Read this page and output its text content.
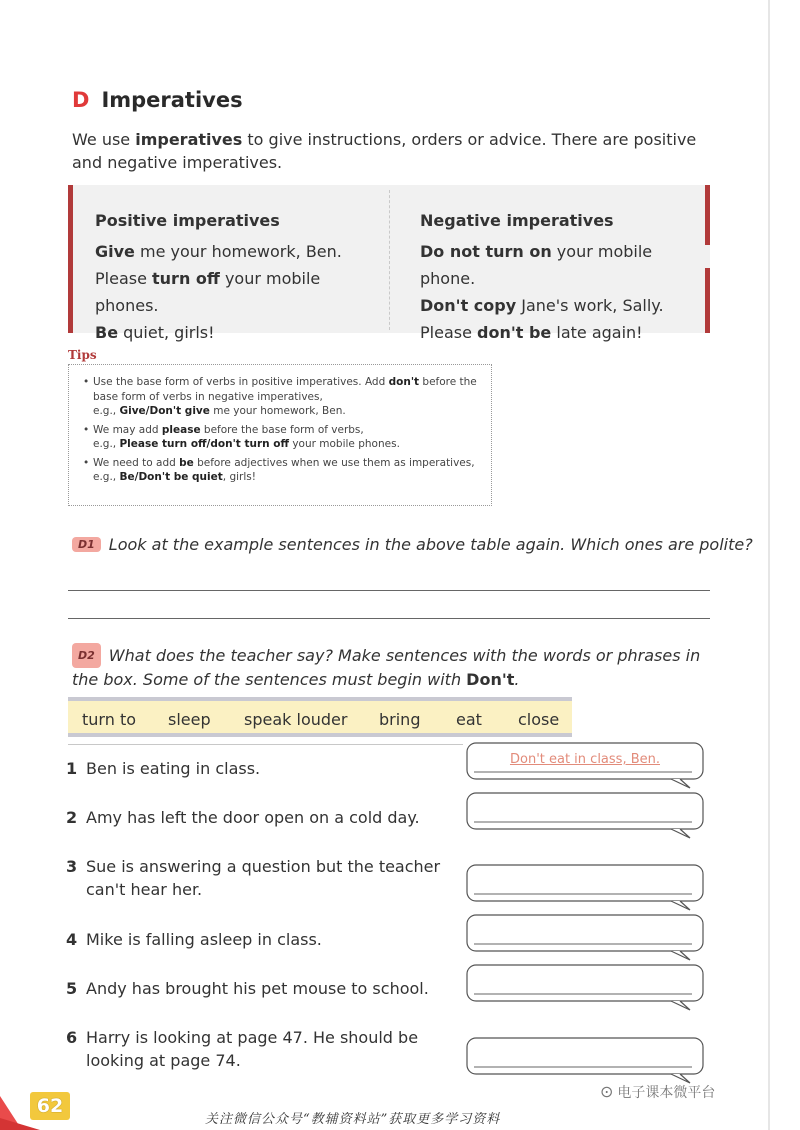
D Imperatives
We use imperatives to give instructions, orders or advice. There are positive and negative imperatives.
Positive imperatives
Give me your homework, Ben.
Please turn off your mobile phones.
Be quiet, girls!
Negative imperatives
Do not turn on your mobile phone.
Don't copy Jane's work, Sally.
Please don't be late again!
Tips
• Use the base form of verbs in positive imperatives. Add don't before the
base form of verbs in negative imperatives,
e.g., Give/Don't give me your homework, Ben.
• We may add please before the base form of verbs,
e.g., Please turn off/don't turn off your mobile phones.
• We need to add be before adjectives when we use them as imperatives,
e.g., Be/Don't be quiet, girls!
D1 Look at the example sentences in the above table again. Which ones are polite?
D2 What does the teacher say? Make sentences with the words or phrases in the box. Some of the sentences must begin with Don't.
turn to sleep speak louder bring eat close
1 Ben is eating in class.
2 Amy has left the door open on a cold day.
3 Sue is answering a question but the teacher
can't hear her.
4 Mike is falling asleep in class.
5 Andy has brought his pet mouse to school.
6 Harry is looking at page 47. He should be
looking at page 74.
Don't eat in class, Ben.
62
关注微信公众号“教辅资料站”获取更多学习资料
⊙ 电子课本微平台
